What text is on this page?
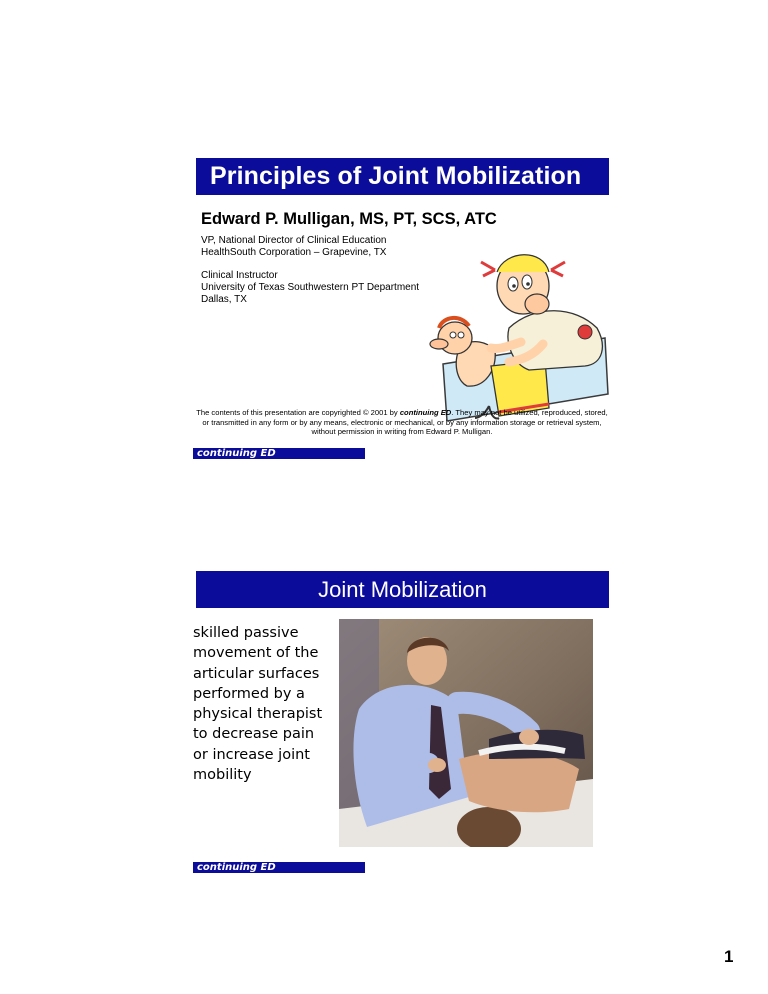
Principles of Joint Mobilization
Edward P. Mulligan, MS, PT, SCS, ATC
VP, National Director of Clinical Education
HealthSouth Corporation – Grapevine, TX
Clinical Instructor
University of Texas Southwestern PT Department
Dallas, TX
The contents of this presentation are copyrighted © 2001 by continuing ED. They may not be utilized, reproduced, stored, or transmitted in any form or by any means, electronic or mechanical, or by any information storage or retrieval system, without permission in writing from Edward P. Mulligan.
continuing ED
Joint Mobilization
skilled passive movement of the articular surfaces performed by a physical therapist to decrease pain or increase joint mobility
continuing ED
1
